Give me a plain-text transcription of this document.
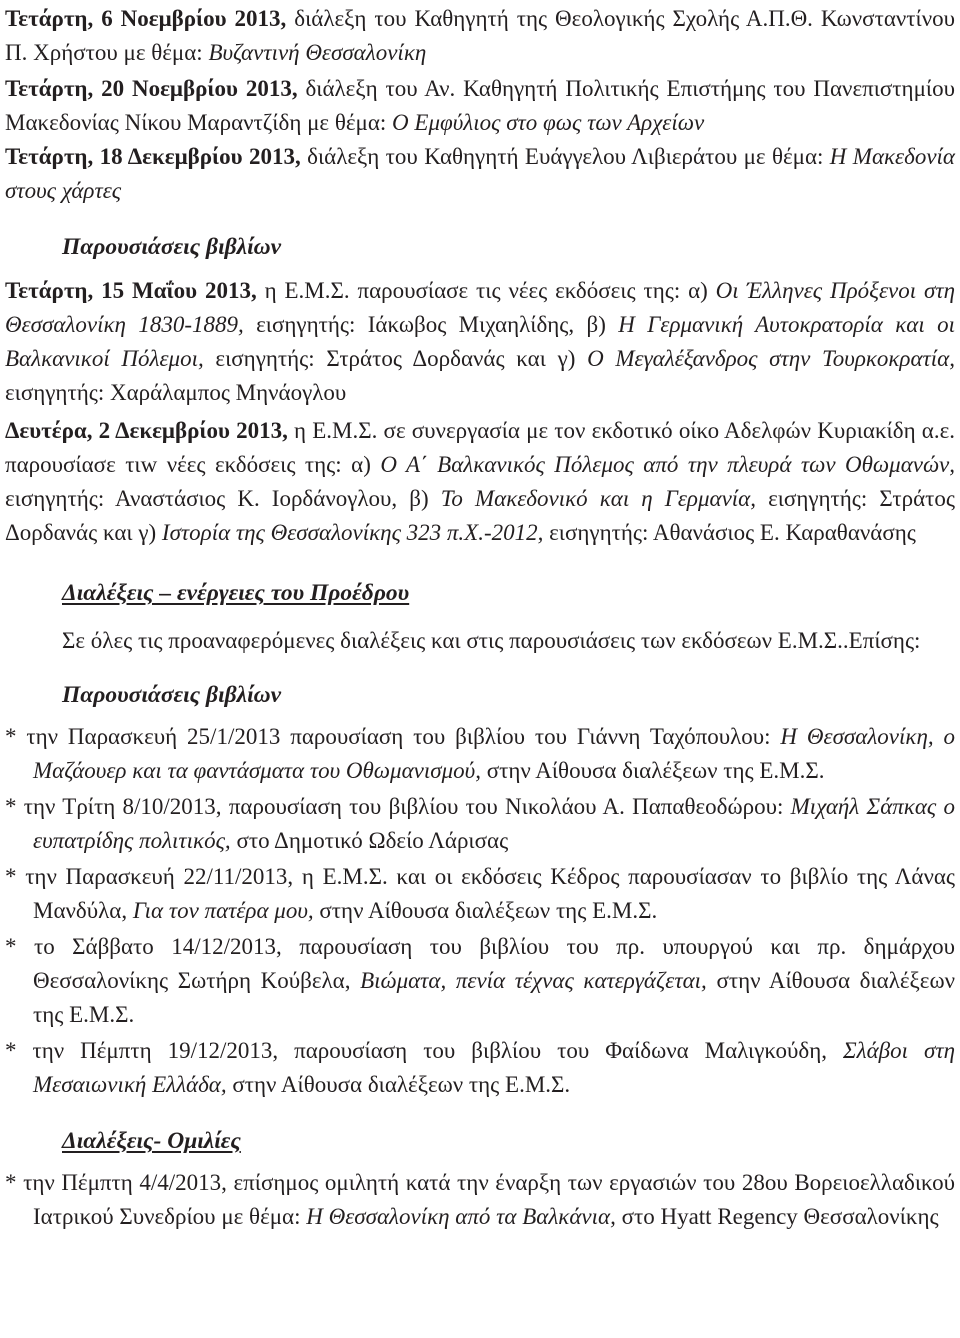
Τετάρτη, 6 Νοεμβρίου 2013, διάλεξη του Καθηγητή της Θεολογικής Σχολής Α.Π.Θ. Κωνσταντίνου Π. Χρήστου με θέμα: Βυζαντινή Θεσσαλονίκη

Τετάρτη, 20 Νοεμβρίου 2013, διάλεξη του Αν. Καθηγητή Πολιτικής Επιστήμης του Πανεπιστημίου Μακεδονίας Νίκου Μαραντζίδη με θέμα: Ο Εμφύλιος στο φως των Αρχείων

Τετάρτη, 18 Δεκεμβρίου 2013, διάλεξη του Καθηγητή Ευάγγελου Λιβιεράτου με θέμα: Η Μακεδονία στους χάρτες

Παρουσιάσεις βιβλίων

Τετάρτη, 15 Μαΐου 2013, η Ε.Μ.Σ. παρουσίασε τις νέες εκδόσεις της: α) Οι Έλληνες Πρόξενοι στη Θεσσαλονίκη 1830-1889, εισηγητής: Ιάκωβος Μιχαηλίδης, β) Η Γερμανική Αυτοκρατορία και οι Βαλκανικοί Πόλεμοι, εισηγητής: Στράτος Δορδανάς και γ) Ο Μεγαλέξανδρος στην Τουρκοκρατία, εισηγητής: Χαράλαμπος Μηνάογλου

Δευτέρα, 2 Δεκεμβρίου 2013, η Ε.Μ.Σ. σε συνεργασία με τον εκδοτικό οίκο Αδελφών Κυριακίδη α.ε. παρουσίασε τιw νέες εκδόσεις της: α) Ο Α΄ Βαλκανικός Πόλεμος από την πλευρά των Οθωμανών, εισηγητής: Αναστάσιος Κ. Ιορδάνογλου, β) Το Μακεδονικό και η Γερμανία, εισηγητής: Στράτος Δορδανάς και γ) Ιστορία της Θεσσαλονίκης 323 π.Χ.-2012, εισηγητής: Αθανάσιος Ε. Καραθανάσης

Διαλέξεις – ενέργειες του Προέδρου

Σε όλες τις προαναφερόμενες διαλέξεις και στις παρουσιάσεις των εκδόσεων Ε.Μ.Σ..Επίσης:

Παρουσιάσεις βιβλίων

* την Παρασκευή 25/1/2013 παρουσίαση του βιβλίου του Γιάννη Ταχόπουλου: Η Θεσσαλονίκη, ο Μαζάουερ και τα φαντάσματα του Οθωμανισμού, στην Αίθουσα διαλέξεων της Ε.Μ.Σ.

* την Τρίτη 8/10/2013, παρουσίαση του βιβλίου του Νικολάου Α. Παπαθεοδώρου: Μιχαήλ Σάπκας ο ευπατρίδης πολιτικός, στο Δημοτικό Ωδείο Λάρισας

* την Παρασκευή 22/11/2013, η Ε.Μ.Σ. και οι εκδόσεις Κέδρος παρουσίασαν το βιβλίο της Λάνας Μανδύλα, Για τον πατέρα μου, στην Αίθουσα διαλέξεων της Ε.Μ.Σ.

* το Σάββατο 14/12/2013, παρουσίαση του βιβλίου του πρ. υπουργού και πρ. δημάρχου Θεσσαλονίκης Σωτήρη Κούβελα, Βιώματα, πενία τέχνας κατεργάζεται, στην Αίθουσα διαλέξεων της Ε.Μ.Σ.

* την Πέμπτη 19/12/2013, παρουσίαση του βιβλίου του Φαίδωνα Μαλιγκούδη, Σλάβοι στη Μεσαιωνική Ελλάδα, στην Αίθουσα διαλέξεων της Ε.Μ.Σ.

Διαλέξεις- Ομιλίες

* την Πέμπτη 4/4/2013, επίσημος ομιλητή κατά την έναρξη των εργασιών του 28ου Βορειοελλαδικού Ιατρικού Συνεδρίου με θέμα: Η Θεσσαλονίκη από τα Βαλκάνια, στο Hyatt Regency Θεσσαλονίκης
